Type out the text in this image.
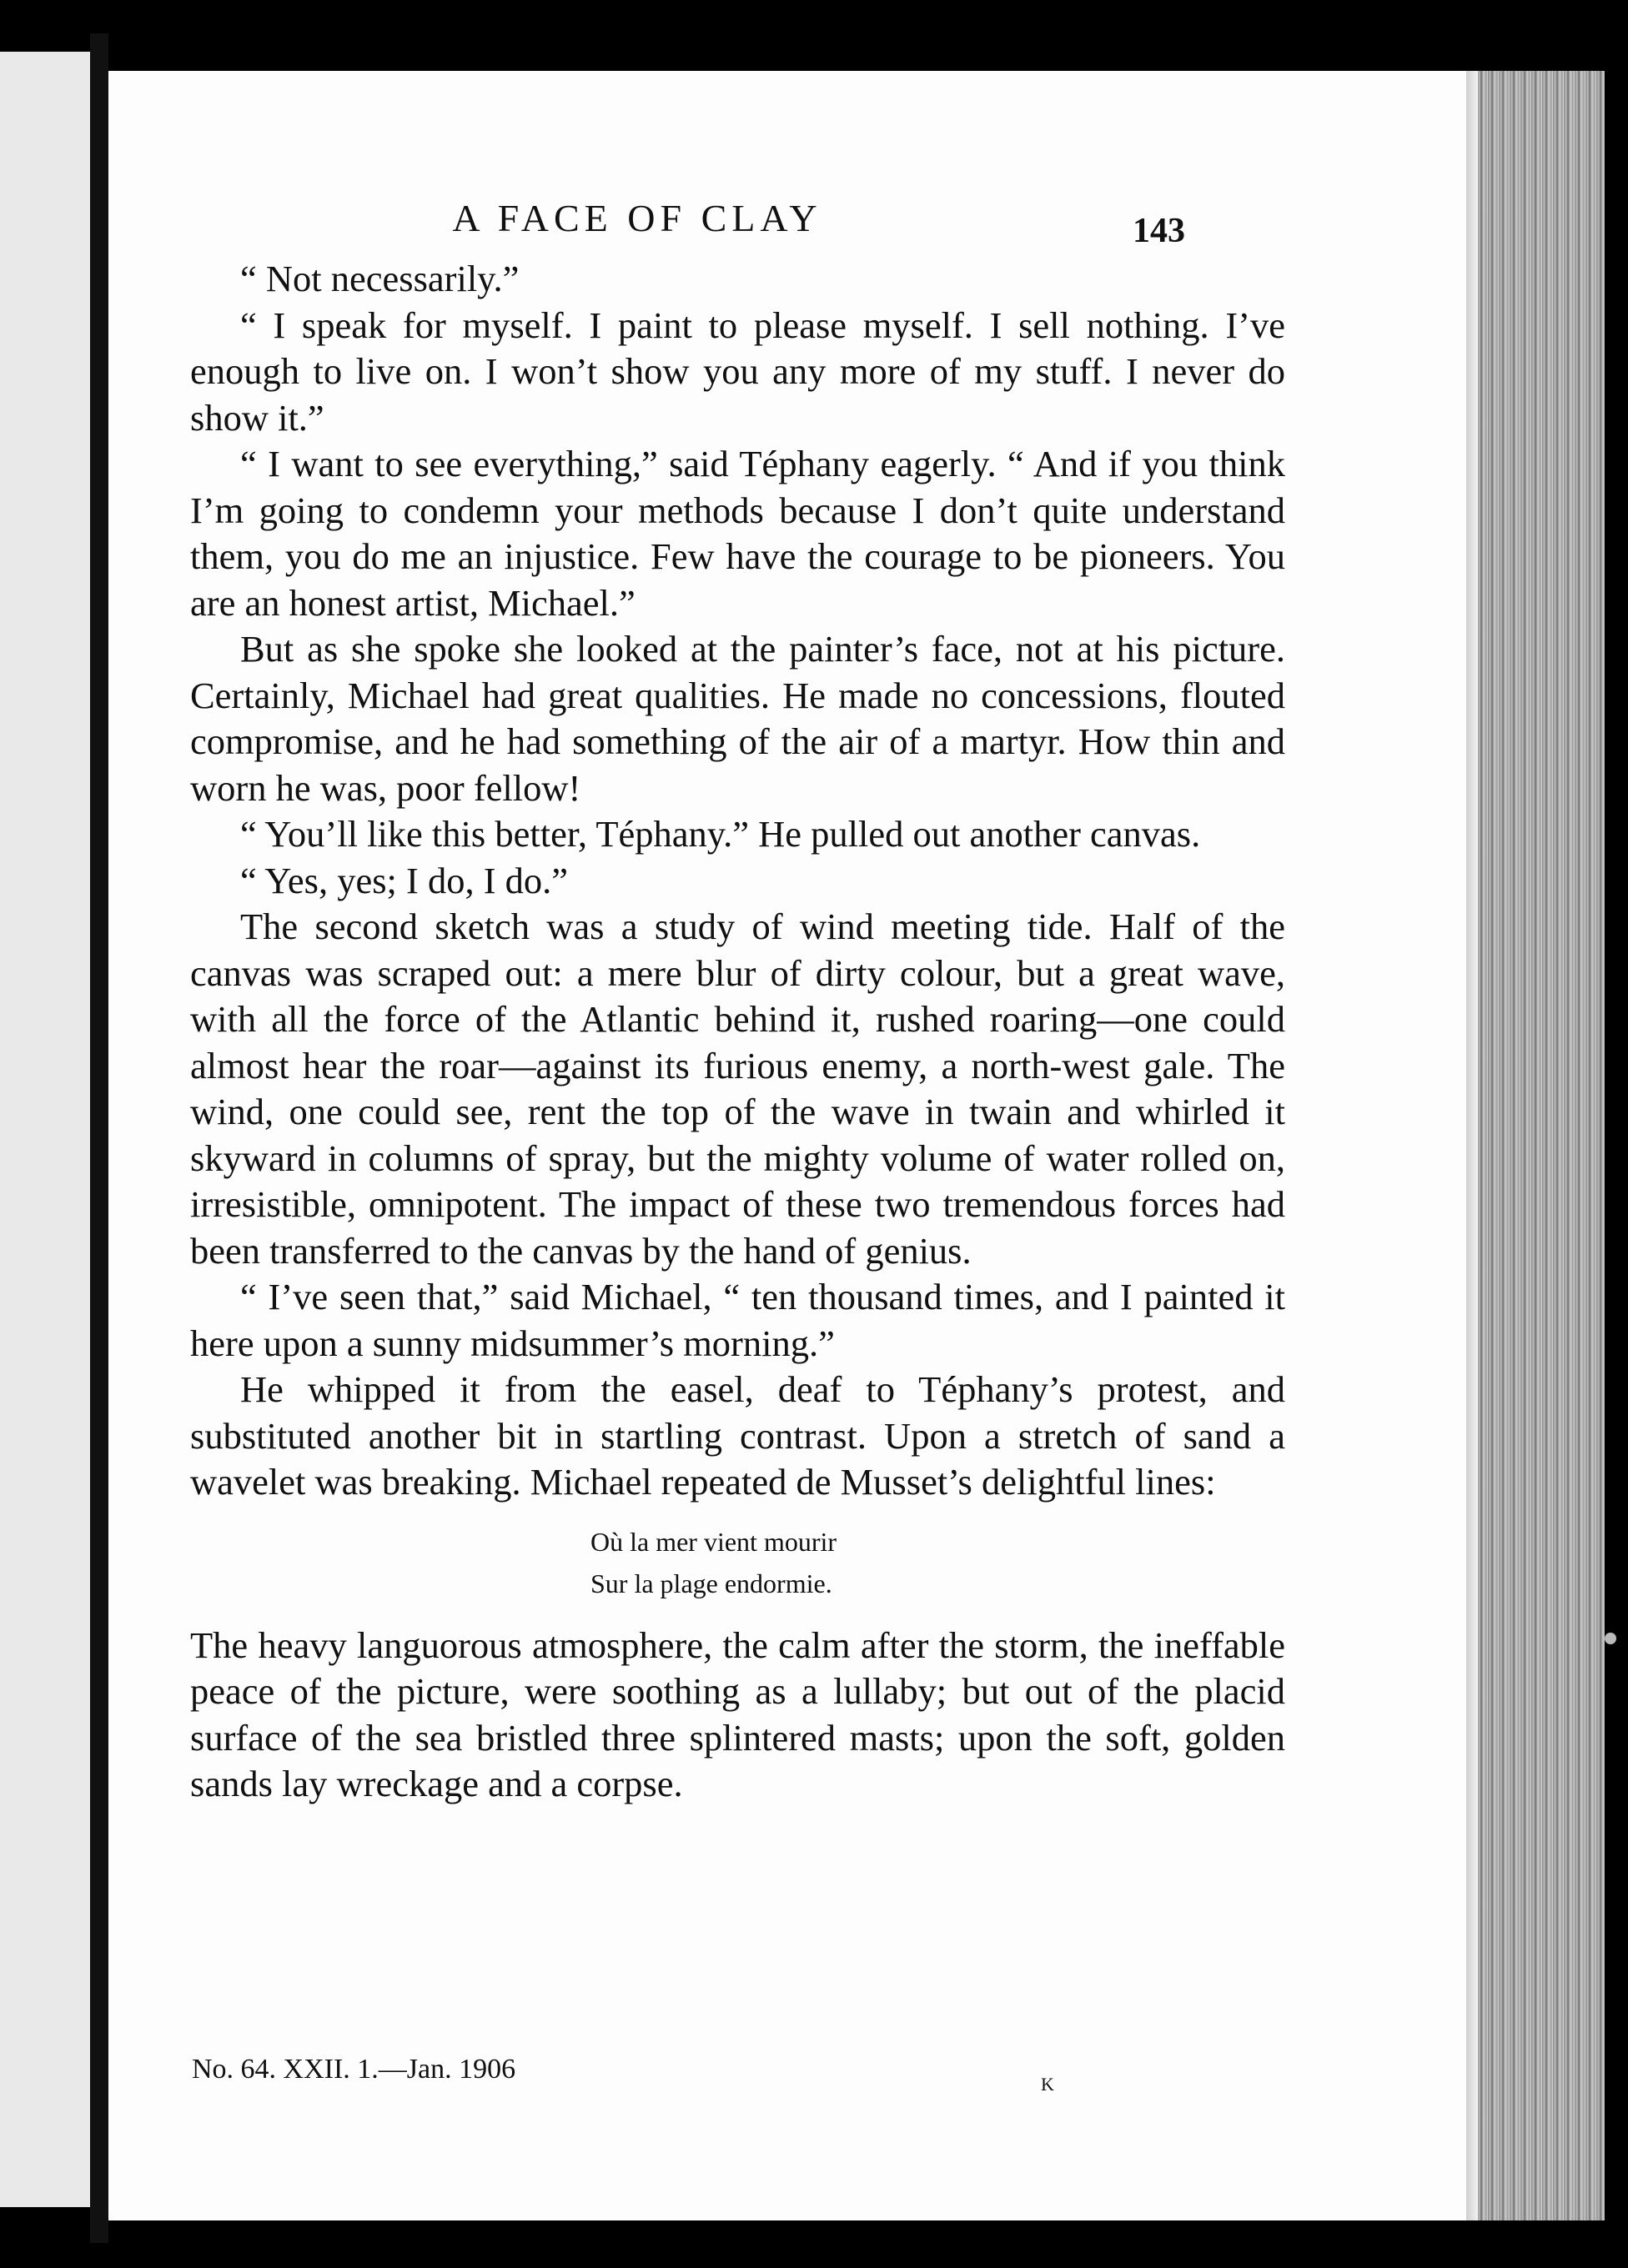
A FACE OF CLAY	143

“ Not necessarily.”

“ I speak for myself. I paint to please myself. I sell nothing. I’ve enough to live on. I won’t show you any more of my stuff. I never do show it.”

“ I want to see everything,” said Téphany eagerly. “ And if you think I’m going to condemn your methods because I don’t quite understand them, you do me an injustice. Few have the courage to be pioneers. You are an honest artist, Michael.”

But as she spoke she looked at the painter’s face, not at his picture. Certainly, Michael had great qualities. He made no concessions, flouted compromise, and he had something of the air of a martyr. How thin and worn he was, poor fellow!

“ You’ll like this better, Téphany.” He pulled out another canvas.

“ Yes, yes; I do, I do.”

The second sketch was a study of wind meeting tide. Half of the canvas was scraped out: a mere blur of dirty colour, but a great wave, with all the force of the Atlantic behind it, rushed roaring—one could almost hear the roar—against its furious enemy, a north-west gale. The wind, one could see, rent the top of the wave in twain and whirled it skyward in columns of spray, but the mighty volume of water rolled on, irresistible, omnipotent. The impact of these two tremendous forces had been transferred to the canvas by the hand of genius.

“ I’ve seen that,” said Michael, “ ten thousand times, and I painted it here upon a sunny midsummer’s morning.”

He whipped it from the easel, deaf to Téphany’s protest, and substituted another bit in startling contrast. Upon a stretch of sand a wavelet was breaking. Michael repeated de Musset’s delightful lines:

Où la mer vient mourir
Sur la plage endormie.

The heavy languorous atmosphere, the calm after the storm, the ineffable peace of the picture, were soothing as a lullaby; but out of the placid surface of the sea bristled three splintered masts; upon the soft, golden sands lay wreckage and a corpse.

No. 64. XXII. 1.—Jan. 1906	K
